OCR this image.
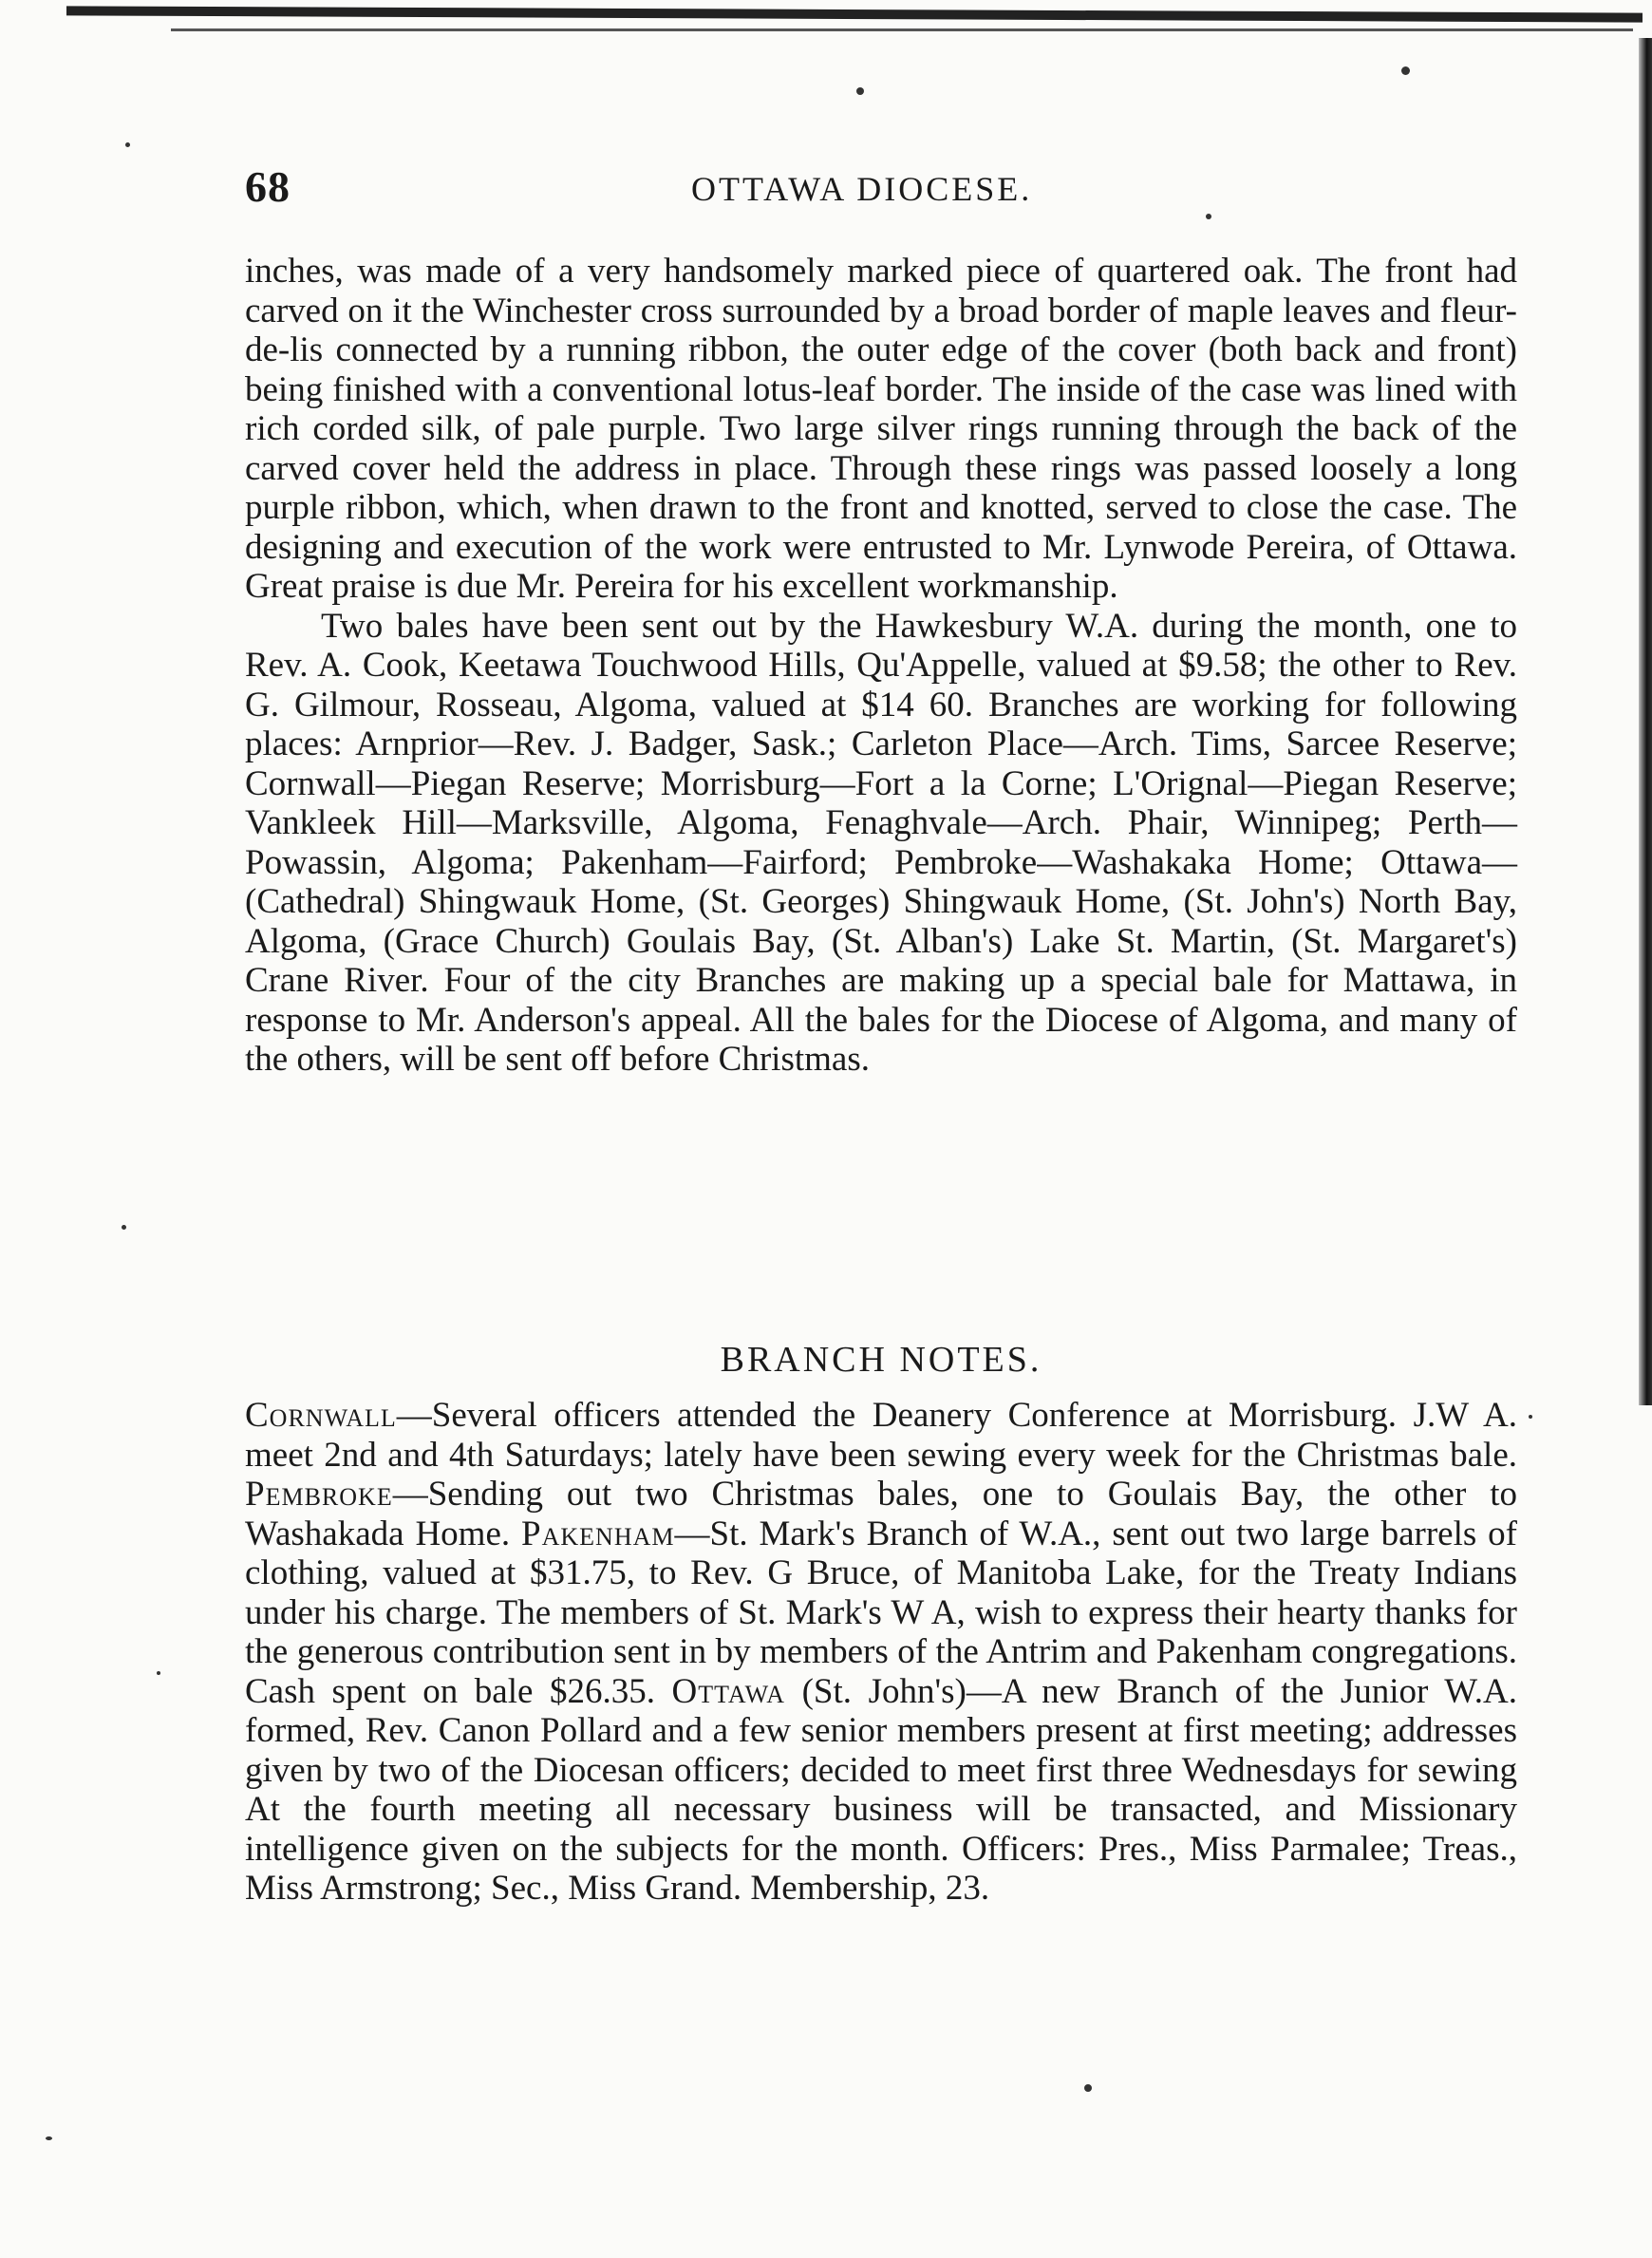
68	OTTAWA DIOCESE.

inches, was made of a very handsomely marked piece of quartered oak. The front had carved on it the Winchester cross surrounded by a broad border of maple leaves and fleur-de-lis connected by a running ribbon, the outer edge of the cover (both back and front) being finished with a conventional lotus-leaf border. The inside of the case was lined with rich corded silk, of pale purple. Two large silver rings running through the back of the carved cover held the address in place. Through these rings was passed loosely a long purple ribbon, which, when drawn to the front and knotted, served to close the case. The designing and execution of the work were entrusted to Mr. Lynwode Pereira, of Ottawa. Great praise is due Mr. Pereira for his excellent workmanship.

Two bales have been sent out by the Hawkesbury W.A. during the month, one to Rev. A. Cook, Keetawa Touchwood Hills, Qu'Appelle, valued at $9.58; the other to Rev. G. Gilmour, Rosseau, Algoma, valued at $14 60. Branches are working for following places: Arnprior—Rev. J. Badger, Sask.; Carleton Place—Arch. Tims, Sarcee Reserve; Cornwall—Piegan Reserve; Morrisburg—Fort a la Corne; L'Orignal—Piegan Reserve; Vankleek Hill—Marksville, Algoma, Fenaghvale—Arch. Phair, Winnipeg; Perth—Powassin, Algoma; Pakenham—Fairford; Pembroke—Washakaka Home; Ottawa—(Cathedral) Shingwauk Home, (St. Georges) Shingwauk Home, (St. John's) North Bay, Algoma, (Grace Church) Goulais Bay, (St. Alban's) Lake St. Martin, (St. Margaret's) Crane River. Four of the city Branches are making up a special bale for Mattawa, in response to Mr. Anderson's appeal. All the bales for the Diocese of Algoma, and many of the others, will be sent off before Christmas.

BRANCH NOTES.

Cornwall—Several officers attended the Deanery Conference at Morrisburg. J.W A. meet 2nd and 4th Saturdays; lately have been sewing every week for the Christmas bale. Pembroke—Sending out two Christmas bales, one to Goulais Bay, the other to Washakada Home. Pakenham—St. Mark's Branch of W.A., sent out two large barrels of clothing, valued at $31.75, to Rev. G Bruce, of Manitoba Lake, for the Treaty Indians under his charge. The members of St. Mark's W A, wish to express their hearty thanks for the generous contribution sent in by members of the Antrim and Pakenham congregations. Cash spent on bale $26.35. Ottawa (St. John's)—A new Branch of the Junior W.A. formed, Rev. Canon Pollard and a few senior members present at first meeting; addresses given by two of the Diocesan officers; decided to meet first three Wednesdays for sewing At the fourth meeting all necessary business will be transacted, and Missionary intelligence given on the subjects for the month. Officers: Pres., Miss Parmalee; Treas., Miss Armstrong; Sec., Miss Grand. Membership, 23.
